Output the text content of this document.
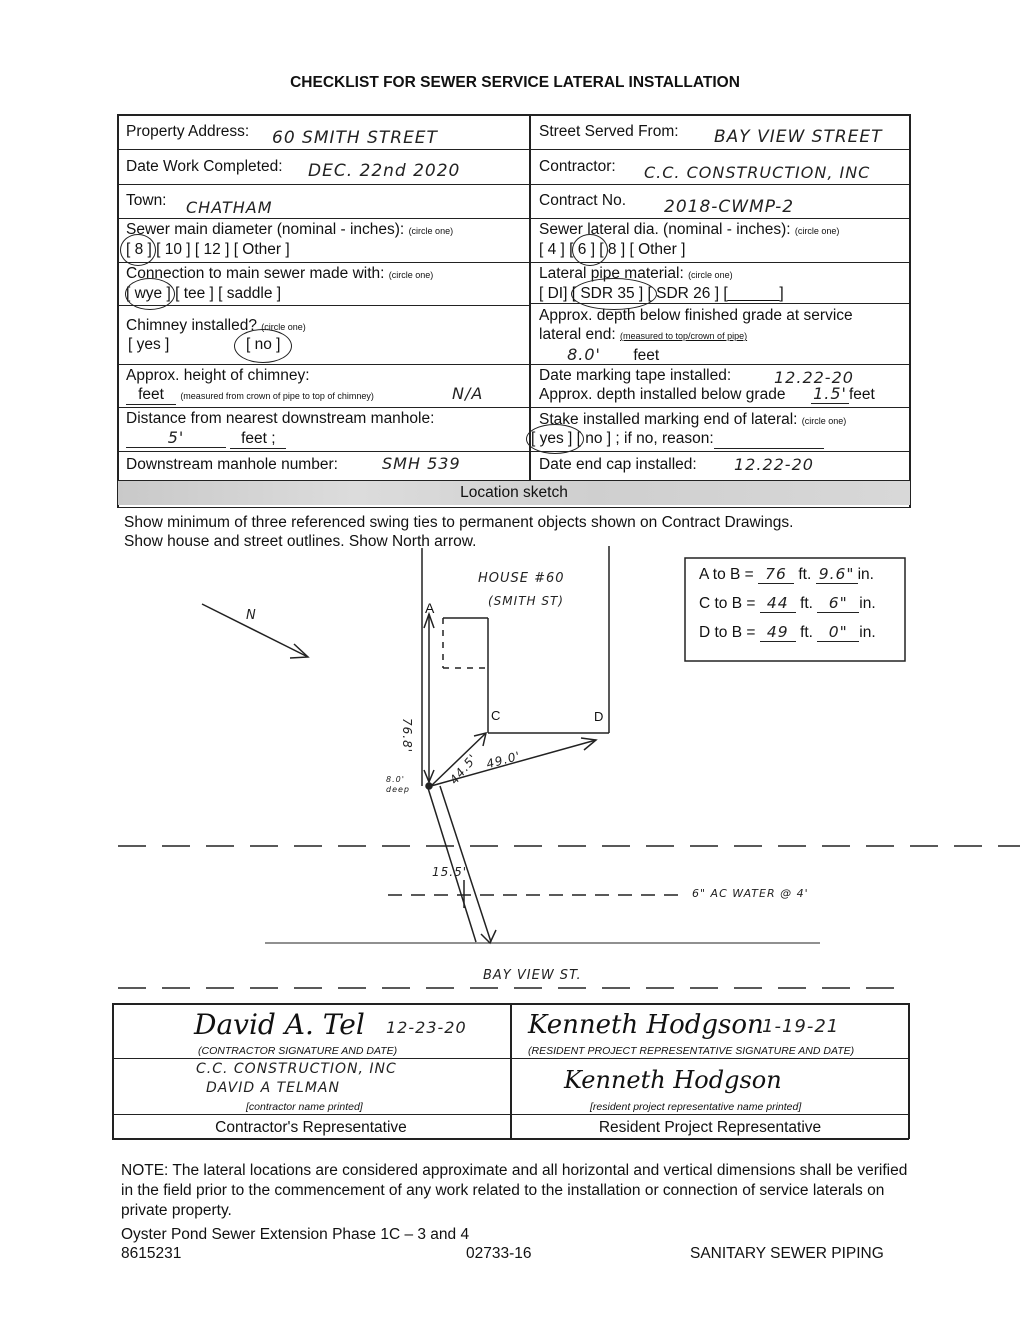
CHECKLIST FOR SEWER SERVICE LATERAL INSTALLATION
Property Address: 60 SMITH STREET
Date Work Completed: DEC. 22nd 2020
Town: CHATHAM
Sewer main diameter (nominal - inches): (circle one)
[ 8 ] [ 10 ] [ 12 ] [ Other ]
Connection to main sewer made with: (circle one)
[ wye ] [ tee ] [ saddle ]
Chimney installed? (circle one)
[ yes ]	[ no ]
Approx. height of chimney:
feet (measured from crown of pipe to top of chimney)	N/A
Distance from nearest downstream manhole:
5'	feet ;
Downstream manhole number:	SMH 539
Street Served From: BAY VIEW STREET
Contractor: C.C. CONSTRUCTION, INC
Contract No. 2018-CWMP-2
Sewer lateral dia. (nominal - inches): (circle one)
[ 4 ] [ 6 ] [ 8 ] [ Other ]
Lateral pipe material: (circle one)
[ DI] [ SDR 35 ] [ SDR 26 ] [______]
Approx. depth below finished grade at service
lateral end: (measured to top/crown of pipe)
8.0' feet
Date marking tape installed:	12.22-20
Approx. depth installed below grade 1.5' feet
Stake installed marking end of lateral: (circle one)
[ yes ] [ no ] ; if no, reason:
Date end cap installed: 12.22-20
Location sketch
Show minimum of three referenced swing ties to permanent objects shown on Contract Drawings.
Show house and street outlines. Show North arrow.
HOUSE #60
(SMITH ST)
N	A
C	D
76.8'
44.5' 49.0'
8.0' deep
15.5'
6" AC WATER @ 4'
BAY VIEW ST.
A to B = 76 ft. 9.6" in.
C to B = 44 ft. 6" in.
D to B = 49 ft. 0" in.
David A. Tel 12-23-20
(CONTRACTOR SIGNATURE AND DATE)
C.C. CONSTRUCTION, INC
DAVID A TELMAN
[contractor name printed]
Contractor's Representative
Kenneth Hodgson
1-19-21
(RESIDENT PROJECT REPRESENTATIVE SIGNATURE AND DATE)
Kenneth Hodgson
[resident project representative name printed]
Resident Project Representative
NOTE: The lateral locations are considered approximate and all horizontal and vertical dimensions shall be verified in the field prior to the commencement of any work related to the installation or connection of service laterals on private property.
Oyster Pond Sewer Extension Phase 1C – 3 and 4
8615231	02733-16	SANITARY SEWER PIPING
